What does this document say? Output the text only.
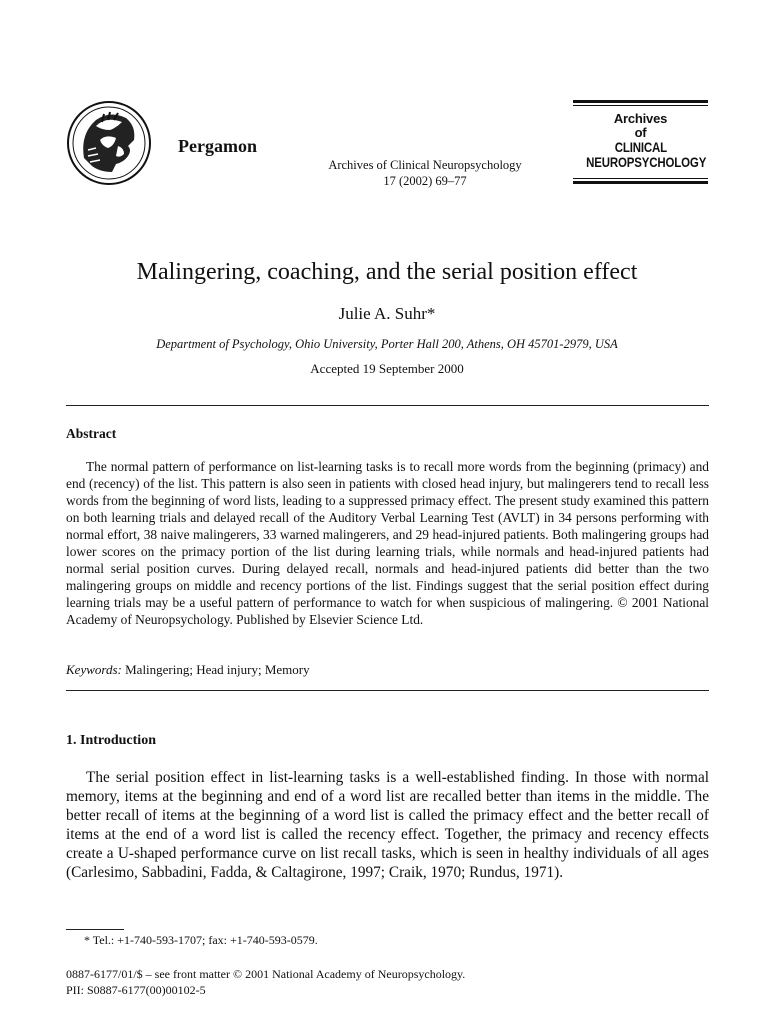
Pergamon
Archives of Clinical Neuropsychology
17 (2002) 69–77
Archives
of
CLINICAL
NEUROPSYCHOLOGY
Malingering, coaching, and the serial position effect
Julie A. Suhr*
Department of Psychology, Ohio University, Porter Hall 200, Athens, OH 45701-2979, USA
Accepted 19 September 2000
Abstract
The normal pattern of performance on list-learning tasks is to recall more words from the beginning (primacy) and end (recency) of the list. This pattern is also seen in patients with closed head injury, but malingerers tend to recall less words from the beginning of word lists, leading to a suppressed primacy effect. The present study examined this pattern on both learning trials and delayed recall of the Auditory Verbal Learning Test (AVLT) in 34 persons performing with normal effort, 38 naive malingerers, 33 warned malingerers, and 29 head-injured patients. Both malingering groups had lower scores on the primacy portion of the list during learning trials, while normals and head-injured patients had normal serial position curves. During delayed recall, normals and head-injured patients did better than the two malingering groups on middle and recency portions of the list. Findings suggest that the serial position effect during learning trials may be a useful pattern of performance to watch for when suspicious of malingering. © 2001 National Academy of Neuropsychology. Published by Elsevier Science Ltd.
Keywords: Malingering; Head injury; Memory
1. Introduction
The serial position effect in list-learning tasks is a well-established finding. In those with normal memory, items at the beginning and end of a word list are recalled better than items in the middle. The better recall of items at the beginning of a word list is called the primacy effect and the better recall of items at the end of a word list is called the recency effect. Together, the primacy and recency effects create a U-shaped performance curve on list recall tasks, which is seen in healthy individuals of all ages (Carlesimo, Sabbadini, Fadda, & Caltagirone, 1997; Craik, 1970; Rundus, 1971).
* Tel.: +1-740-593-1707; fax: +1-740-593-0579.
0887-6177/01/$ – see front matter © 2001 National Academy of Neuropsychology.
PII: S0887-6177(00)00102-5
